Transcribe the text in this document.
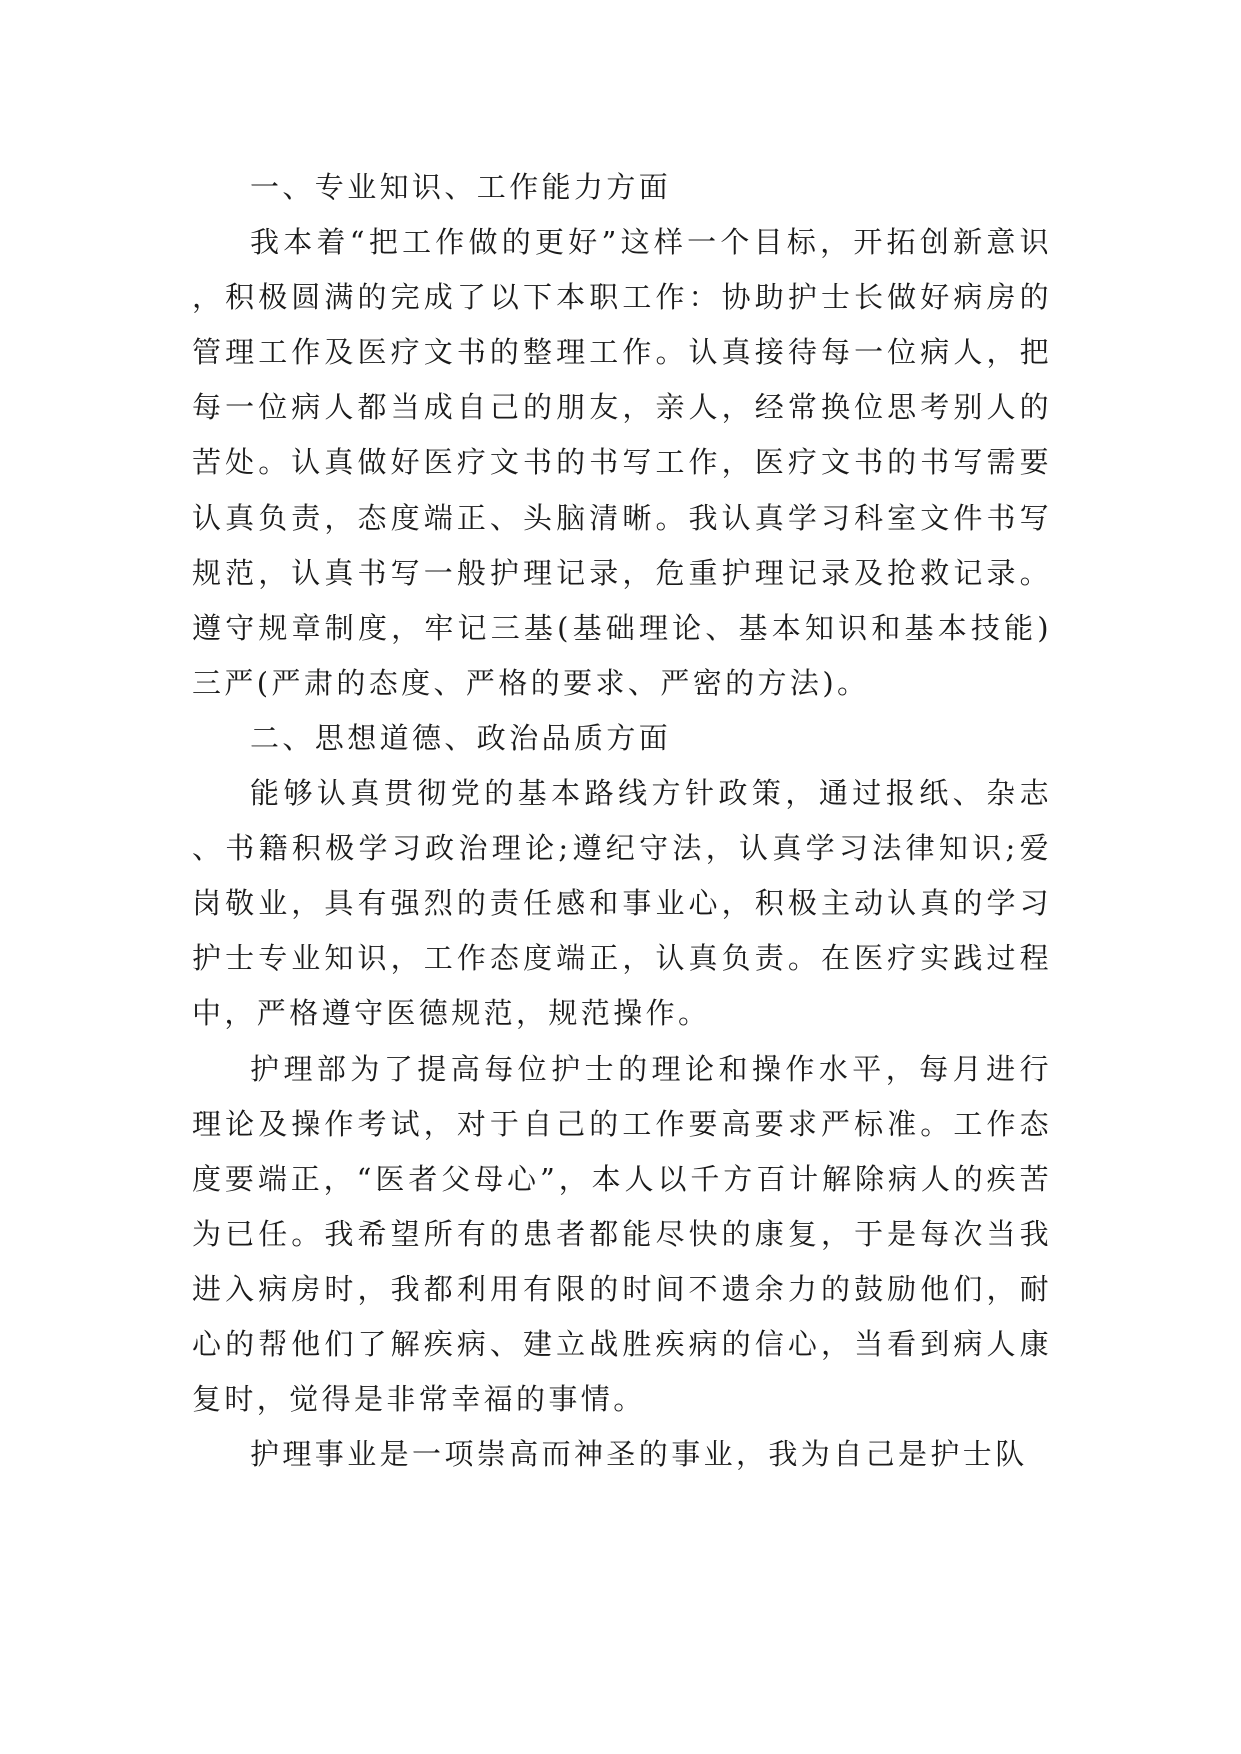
一、专业知识、工作能力方面

我本着“把工作做的更好”这样一个目标，开拓创新意识，积极圆满的完成了以下本职工作：协助护士长做好病房的管理工作及医疗文书的整理工作。认真接待每一位病人，把每一位病人都当成自己的朋友，亲人，经常换位思考别人的苦处。认真做好医疗文书的书写工作，医疗文书的书写需要认真负责，态度端正、头脑清晰。我认真学习科室文件书写规范，认真书写一般护理记录，危重护理记录及抢救记录。遵守规章制度，牢记三基(基础理论、基本知识和基本技能)三严(严肃的态度、严格的要求、严密的方法)。

二、思想道德、政治品质方面

能够认真贯彻党的基本路线方针政策，通过报纸、杂志、书籍积极学习政治理论;遵纪守法，认真学习法律知识;爱岗敬业，具有强烈的责任感和事业心，积极主动认真的学习护士专业知识，工作态度端正，认真负责。在医疗实践过程中，严格遵守医德规范，规范操作。

护理部为了提高每位护士的理论和操作水平，每月进行理论及操作考试，对于自己的工作要高要求严标准。工作态度要端正，“医者父母心”，本人以千方百计解除病人的疾苦为已任。我希望所有的患者都能尽快的康复，于是每次当我进入病房时，我都利用有限的时间不遗余力的鼓励他们，耐心的帮他们了解疾病、建立战胜疾病的信心，当看到病人康复时，觉得是非常幸福的事情。

护理事业是一项崇高而神圣的事业，我为自己是护士队
